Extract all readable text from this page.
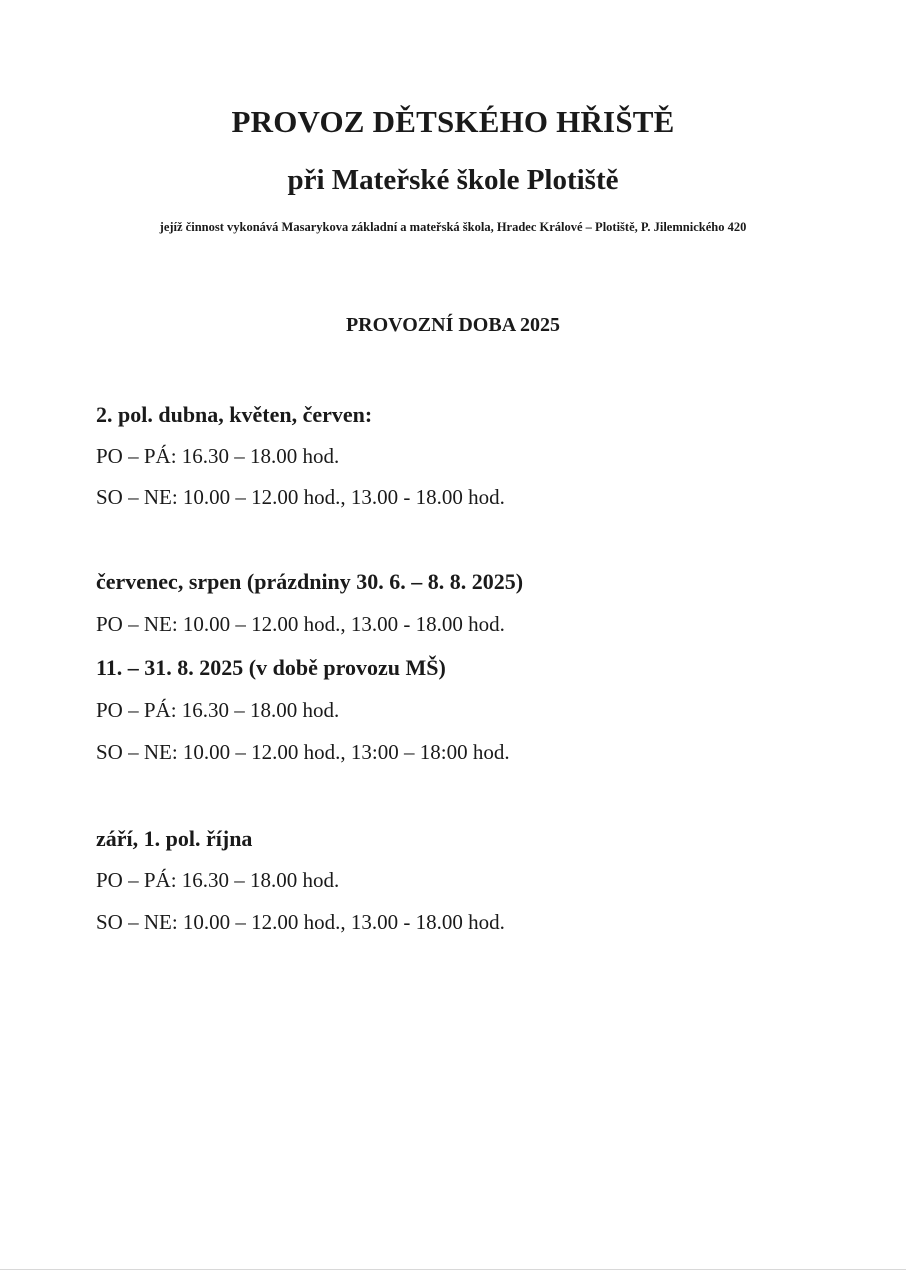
PROVOZ DĚTSKÉHO HŘIŠTĚ
při Mateřské škole Plotiště

jejíž činnost vykonává Masarykova základní a mateřská škola, Hradec Králové – Plotiště, P. Jilemnického 420

PROVOZNÍ DOBA 2025

2. pol. dubna, květen, červen:

PO – PÁ: 16.30 – 18.00 hod.

SO – NE: 10.00 – 12.00 hod., 13.00 - 18.00 hod.

červenec, srpen (prázdniny 30. 6. – 8. 8. 2025)

PO – NE: 10.00 – 12.00 hod., 13.00 - 18.00 hod.

11. – 31. 8. 2025 (v době provozu MŠ)

PO – PÁ: 16.30 – 18.00 hod.

SO – NE: 10.00 – 12.00 hod., 13:00 – 18:00 hod.

září, 1. pol. října

PO – PÁ: 16.30 – 18.00 hod.

SO – NE: 10.00 – 12.00 hod., 13.00 - 18.00 hod.
